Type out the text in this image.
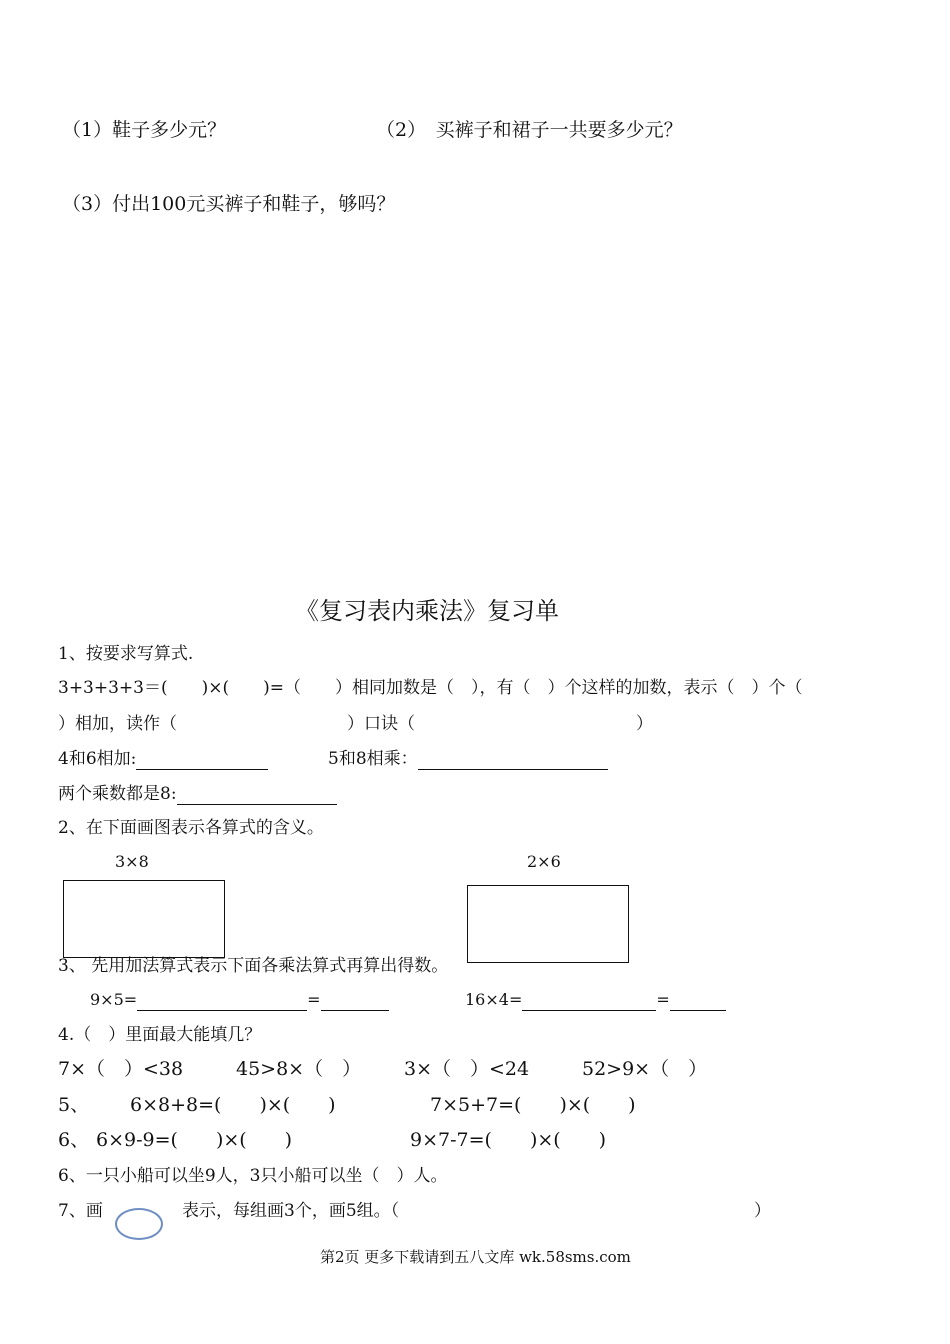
（1）鞋子多少元？	（2）　买裤子和裙子一共要多少元？
（3）付出100元买裤子和鞋子，够吗？
《复习表内乘法》复习单
1、按要求写算式.
3+3+3+3＝(　　)×(　　)=（　　）相同加数是（　），有（　）个这样的加数，表示（　）个（
）相加，读作（　　　　　　　　　　）口诀（　　　　　　　　　　　　　）
4和6相加:	5和8相乘：
两个乘数都是8:
2、在下面画图表示各算式的含义。
3×8	2×6
3、 先用加法算式表示下面各乘法算式再算出得数。
9×5=	=	16×4=	=
4.（　）里面最大能填几？
7×（　）<38	45>8×（　） 3×（　）<24	52>9×（　）
5、 6×8+8=(　　)×(　　)	7×5+7=(　　)×(　　)
6、 6×9-9=(　　)×(　　)	9×7-7=(　　)×(　　)
6、一只小船可以坐9人，3只小船可以坐（　）人。
7、画	表示，每组画3个，画5组。（	）
第2页 更多下载请到五八文库 wk.58sms.com
